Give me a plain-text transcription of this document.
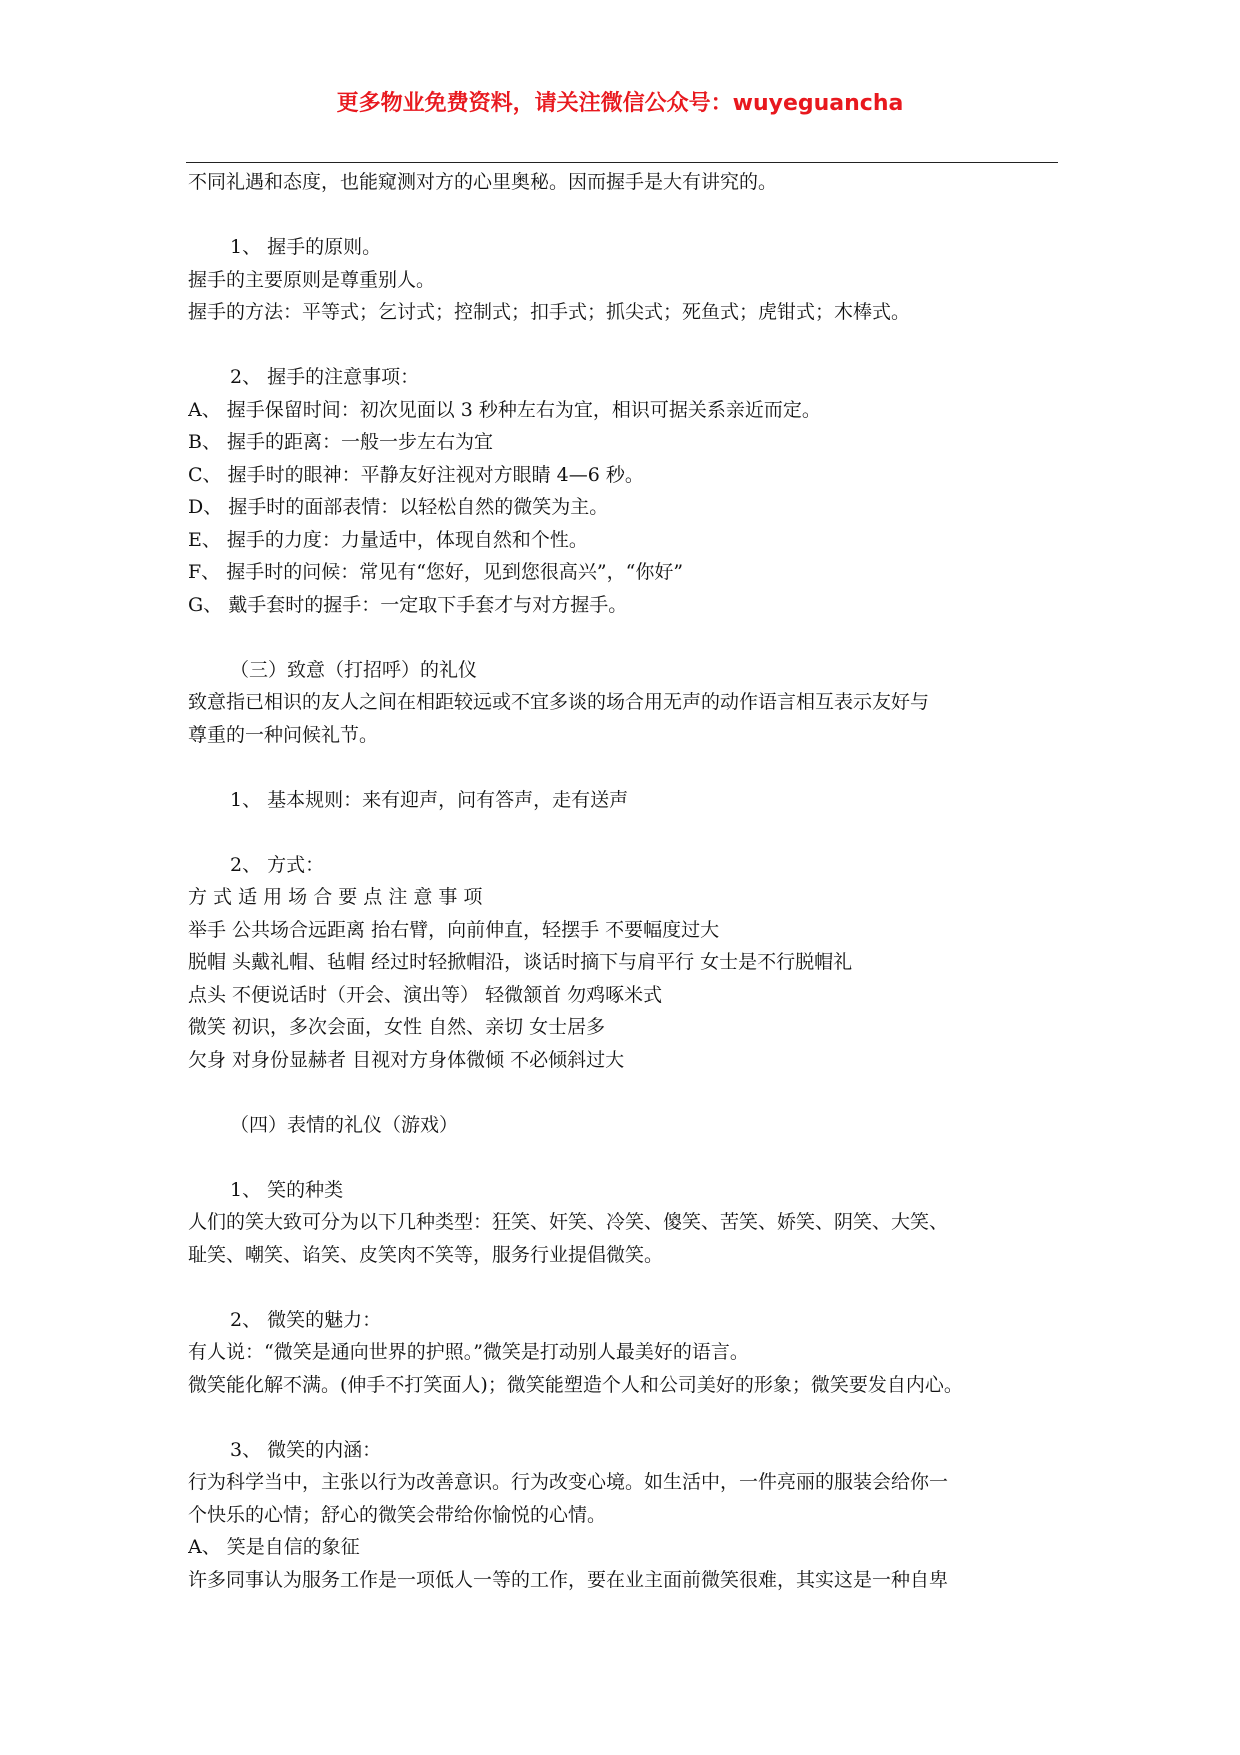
更多物业免费资料，请关注微信公众号：wuyeguancha
不同礼遇和态度，也能窥测对方的心里奥秘。因而握手是大有讲究的。
1、 握手的原则。
握手的主要原则是尊重别人。
握手的方法：平等式；乞讨式；控制式；扣手式；抓尖式；死鱼式；虎钳式；木棒式。
2、 握手的注意事项：
A、 握手保留时间：初次见面以 3 秒种左右为宜，相识可据关系亲近而定。
B、 握手的距离：一般一步左右为宜
C、 握手时的眼神：平静友好注视对方眼睛 4—6 秒。
D、 握手时的面部表情：以轻松自然的微笑为主。
E、 握手的力度：力量适中，体现自然和个性。
F、 握手时的问候：常见有“您好，见到您很高兴”，“你好”
G、 戴手套时的握手：一定取下手套才与对方握手。
（三）致意（打招呼）的礼仪
致意指已相识的友人之间在相距较远或不宜多谈的场合用无声的动作语言相互表示友好与
尊重的一种问候礼节。
1、 基本规则：来有迎声，问有答声，走有送声
2、 方式：
方 式 适 用 场 合 要 点 注 意 事 项
举手 公共场合远距离 抬右臂，向前伸直，轻摆手 不要幅度过大
脱帽 头戴礼帽、毡帽 经过时轻掀帽沿，谈话时摘下与肩平行 女士是不行脱帽礼
点头 不便说话时（开会、演出等） 轻微颔首 勿鸡啄米式
微笑 初识，多次会面，女性 自然、亲切 女士居多
欠身 对身份显赫者 目视对方身体微倾 不必倾斜过大
（四）表情的礼仪（游戏）
1、 笑的种类
人们的笑大致可分为以下几种类型：狂笑、奸笑、冷笑、傻笑、苦笑、娇笑、阴笑、大笑、
耻笑、嘲笑、谄笑、皮笑肉不笑等，服务行业提倡微笑。
2、 微笑的魅力：
有人说：“微笑是通向世界的护照。”微笑是打动别人最美好的语言。
微笑能化解不满。(伸手不打笑面人)；微笑能塑造个人和公司美好的形象；微笑要发自内心。
3、 微笑的内涵：
行为科学当中，主张以行为改善意识。行为改变心境。如生活中，一件亮丽的服装会给你一
个快乐的心情；舒心的微笑会带给你愉悦的心情。
A、 笑是自信的象征
许多同事认为服务工作是一项低人一等的工作，要在业主面前微笑很难，其实这是一种自卑
